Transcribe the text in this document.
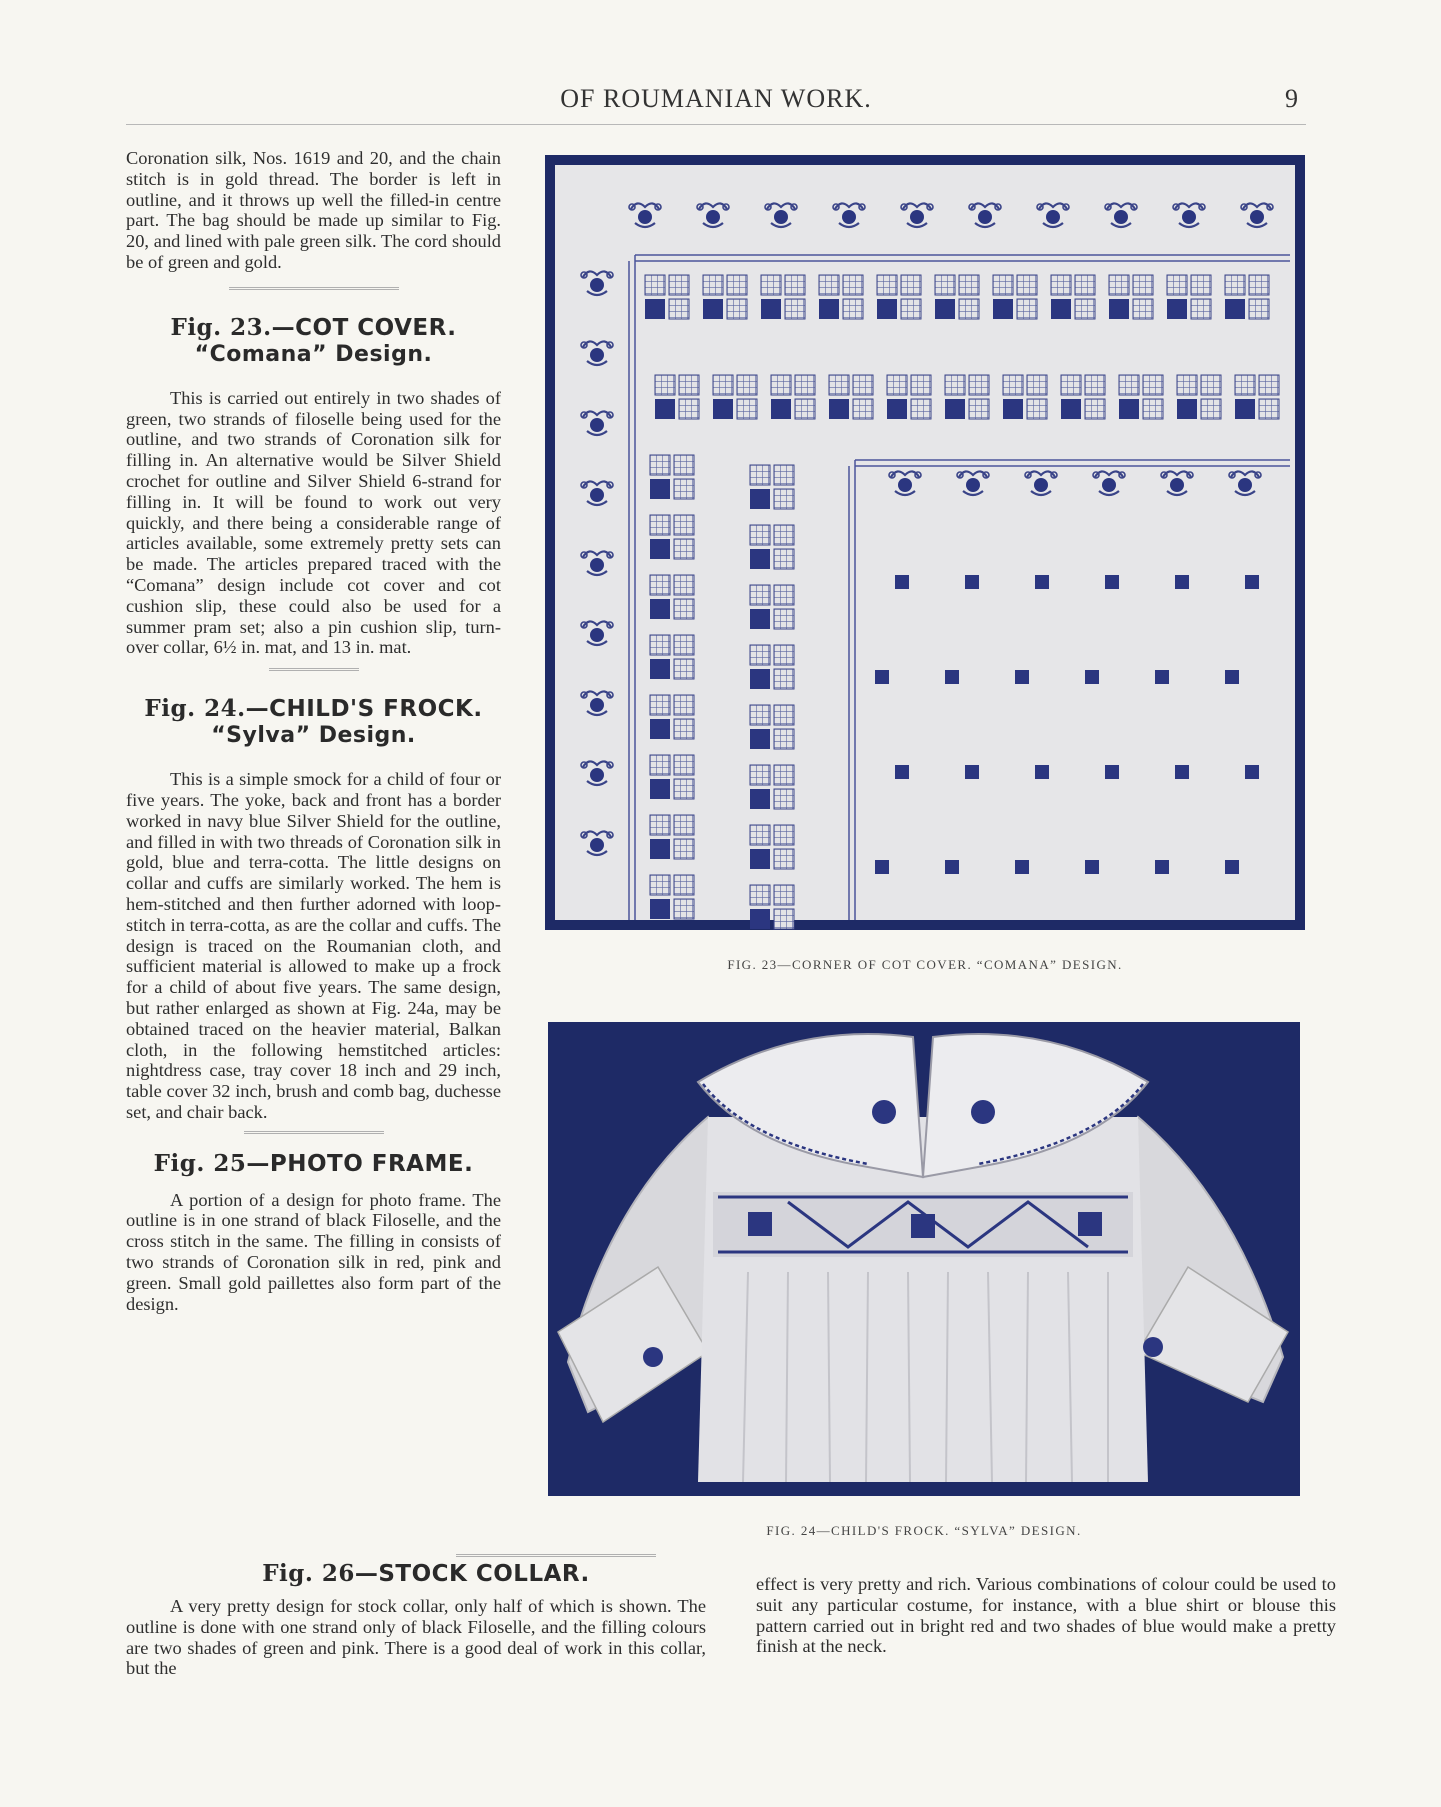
OF ROUMANIAN WORK.	9

Coronation silk, Nos. 1619 and 20, and the chain stitch is in gold thread. The border is left in outline, and it throws up well the filled-in centre part. The bag should be made up similar to Fig. 20, and lined with pale green silk. The cord should be of green and gold.

Fig. 23.—COT COVER.
“Comana” Design.

This is carried out entirely in two shades of green, two strands of filoselle being used for the outline, and two strands of Coronation silk for filling in. An alternative would be Silver Shield crochet for outline and Silver Shield 6-strand for filling in. It will be found to work out very quickly, and there being a considerable range of articles available, some extremely pretty sets can be made. The articles prepared traced with the “Comana” design include cot cover and cot cushion slip, these could also be used for a summer pram set; also a pin cushion slip, turn-over collar, 6½ in. mat, and 13 in. mat.

Fig. 24.—CHILD'S FROCK.
“Sylva” Design.

This is a simple smock for a child of four or five years. The yoke, back and front has a border worked in navy blue Silver Shield for the outline, and filled in with two threads of Coronation silk in gold, blue and terra-cotta. The little designs on collar and cuffs are similarly worked. The hem is hem-stitched and then further adorned with loop-stitch in terra-cotta, as are the collar and cuffs. The design is traced on the Roumanian cloth, and sufficient material is allowed to make up a frock for a child of about five years. The same design, but rather enlarged as shown at Fig. 24a, may be obtained traced on the heavier material, Balkan cloth, in the following hemstitched articles: nightdress case, tray cover 18 inch and 29 inch, table cover 32 inch, brush and comb bag, duchesse set, and chair back.

Fig. 25—PHOTO FRAME.

A portion of a design for photo frame. The outline is in one strand of black Filoselle, and the cross stitch in the same. The filling in consists of two strands of Coronation silk in red, pink and green. Small gold paillettes also form part of the design.

FIG. 23—CORNER OF COT COVER. “COMANA” DESIGN.
FIG. 24—CHILD'S FROCK. “SYLVA” DESIGN.
Fig. 26—STOCK COLLAR.

A very pretty design for stock collar, only half of which is shown. The outline is done with one strand only of black Filoselle, and the filling colours are two shades of green and pink. There is a good deal of work in this collar, but the

effect is very pretty and rich. Various combinations of colour could be used to suit any particular costume, for instance, with a blue shirt or blouse this pattern carried out in bright red and two shades of blue would make a pretty finish at the neck.
